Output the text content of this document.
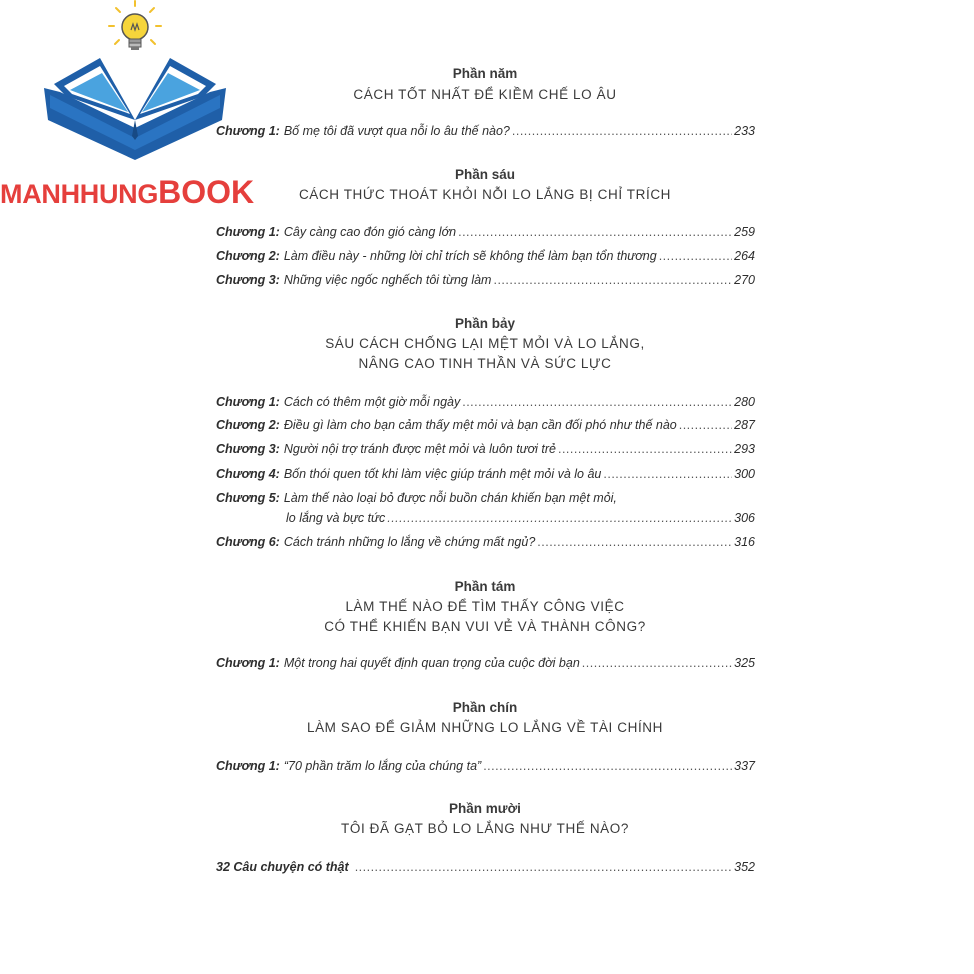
MANHHUNGBOOK
Phần năm
CÁCH TỐT NHẤT ĐỂ KIỀM CHẾ LO ÂU
Chương 1: Bố mẹ tôi đã vượt qua nỗi lo âu thế nào? .....	233
Phần sáu
CÁCH THỨC THOÁT KHỎI NỖI LO LẮNG BỊ CHỈ TRÍCH
Chương 1: Cây càng cao đón gió càng lớn .....	259
Chương 2: Làm điều này - những lời chỉ trích sẽ không thể làm bạn tổn thương .....	264
Chương 3: Những việc ngốc nghếch tôi từng làm .....	270
Phần bảy
SÁU CÁCH CHỐNG LẠI MỆT MỎI VÀ LO LẮNG,
NÂNG CAO TINH THẦN VÀ SỨC LỰC
Chương 1: Cách có thêm một giờ mỗi ngày .....	280
Chương 2: Điều gì làm cho bạn cảm thấy mệt mỏi và bạn cần đối phó như thế nào .....	287
Chương 3: Người nội trợ tránh được mệt mỏi và luôn tươi trẻ .....	293
Chương 4: Bốn thói quen tốt khi làm việc giúp tránh mệt mỏi và lo âu .....	300
Chương 5: Làm thế nào loại bỏ được nỗi buồn chán khiến bạn mệt mỏi,
lo lắng và bực tức .....	306
Chương 6: Cách tránh những lo lắng về chứng mất ngủ? .....	316
Phần tám
LÀM THẾ NÀO ĐỂ TÌM THẤY CÔNG VIỆC
CÓ THỂ KHIẾN BẠN VUI VẺ VÀ THÀNH CÔNG?
Chương 1: Một trong hai quyết định quan trọng của cuộc đời bạn .....	325
Phần chín
LÀM SAO ĐỂ GIẢM NHỮNG LO LẮNG VỀ TÀI CHÍNH
Chương 1: “70 phần trăm lo lắng của chúng ta” .....	337
Phần mười
TÔI ĐÃ GẠT BỎ LO LẮNG NHƯ THẾ NÀO?
32 Câu chuyện có thật .....	352
